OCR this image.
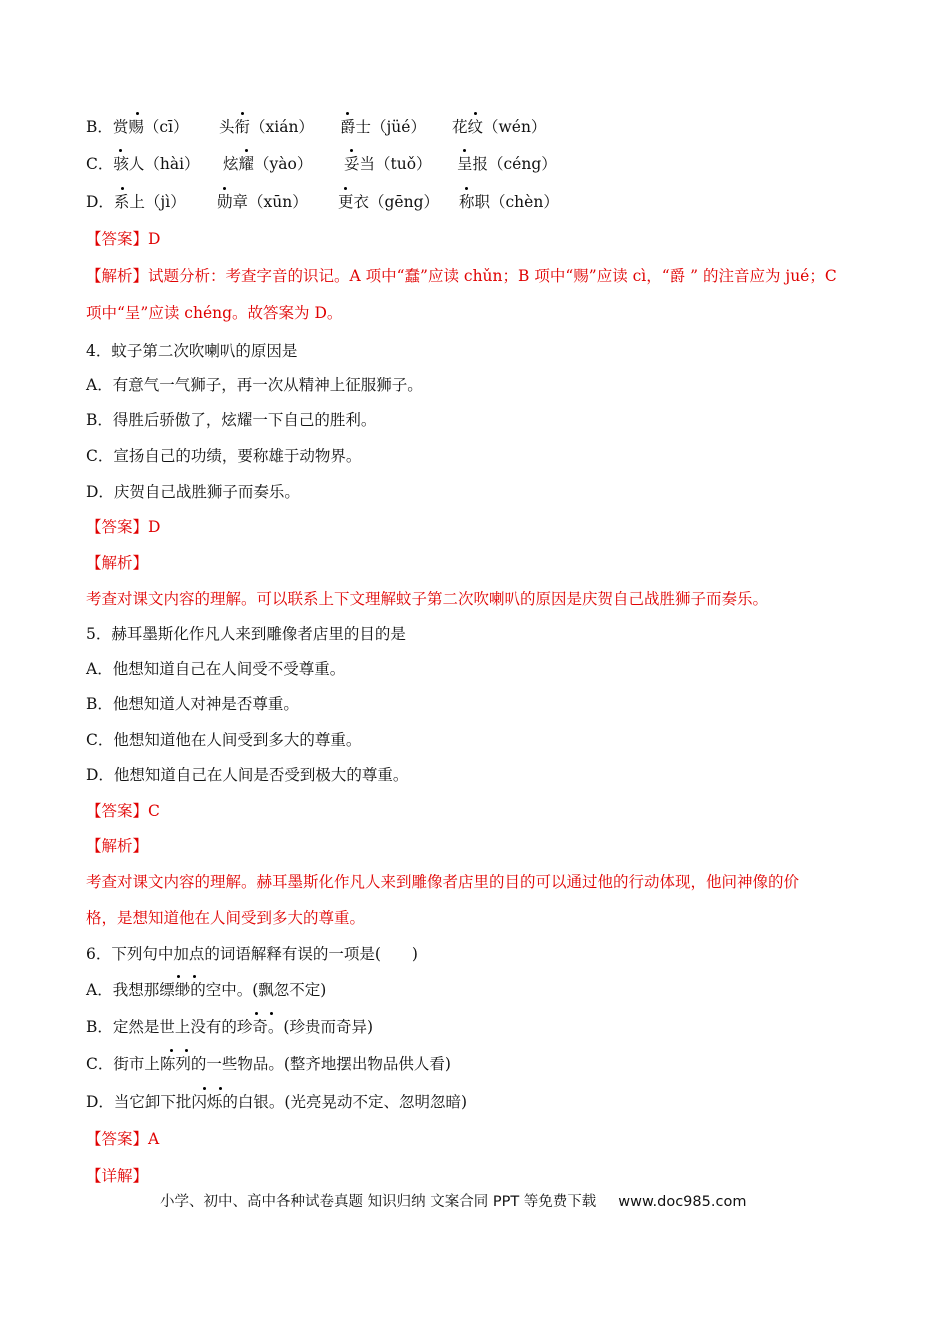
B．赏赐（cī） 头衔（xián） 爵士（jüé） 花纹（wén）
C．骇人（hài） 炫耀（yào） 妥当（tuǒ） 呈报（céng）
D．系上（jì） 勋章（xūn） 更衣（gēng） 称职（chèn）
【答案】D
【解析】试题分析：考查字音的识记。A 项中“蠢”应读 chǔn；B 项中“赐”应读 cì，“爵 ” 的注音应为 jué；C
项中“呈”应读 chéng。故答案为 D。
4．蚊子第二次吹喇叭的原因是
A．有意气一气狮子，再一次从精神上征服狮子。
B．得胜后骄傲了，炫耀一下自己的胜利。
C．宣扬自己的功绩，要称雄于动物界。
D．庆贺自己战胜狮子而奏乐。
【答案】D
【解析】
考查对课文内容的理解。可以联系上下文理解蚊子第二次吹喇叭的原因是庆贺自己战胜狮子而奏乐。
5．赫耳墨斯化作凡人来到雕像者店里的目的是
A．他想知道自己在人间受不受尊重。
B．他想知道人对神是否尊重。
C．他想知道他在人间受到多大的尊重。
D．他想知道自己在人间是否受到极大的尊重。
【答案】C
【解析】
考查对课文内容的理解。赫耳墨斯化作凡人来到雕像者店里的目的可以通过他的行动体现，他问神像的价
格，是想知道他在人间受到多大的尊重。
6．下列句中加点的词语解释有误的一项是(　　)
A．我想那缥缈的空中。(飘忽不定)
B．定然是世上没有的珍奇。(珍贵而奇异)
C．街市上陈列的一些物品。(整齐地摆出物品供人看)
D．当它卸下批闪烁的白银。(光亮晃动不定、忽明忽暗)
【答案】A
【详解】
小学、初中、高中各种试卷真题 知识归纳 文案合同 PPT 等免费下载 www.doc985.com
